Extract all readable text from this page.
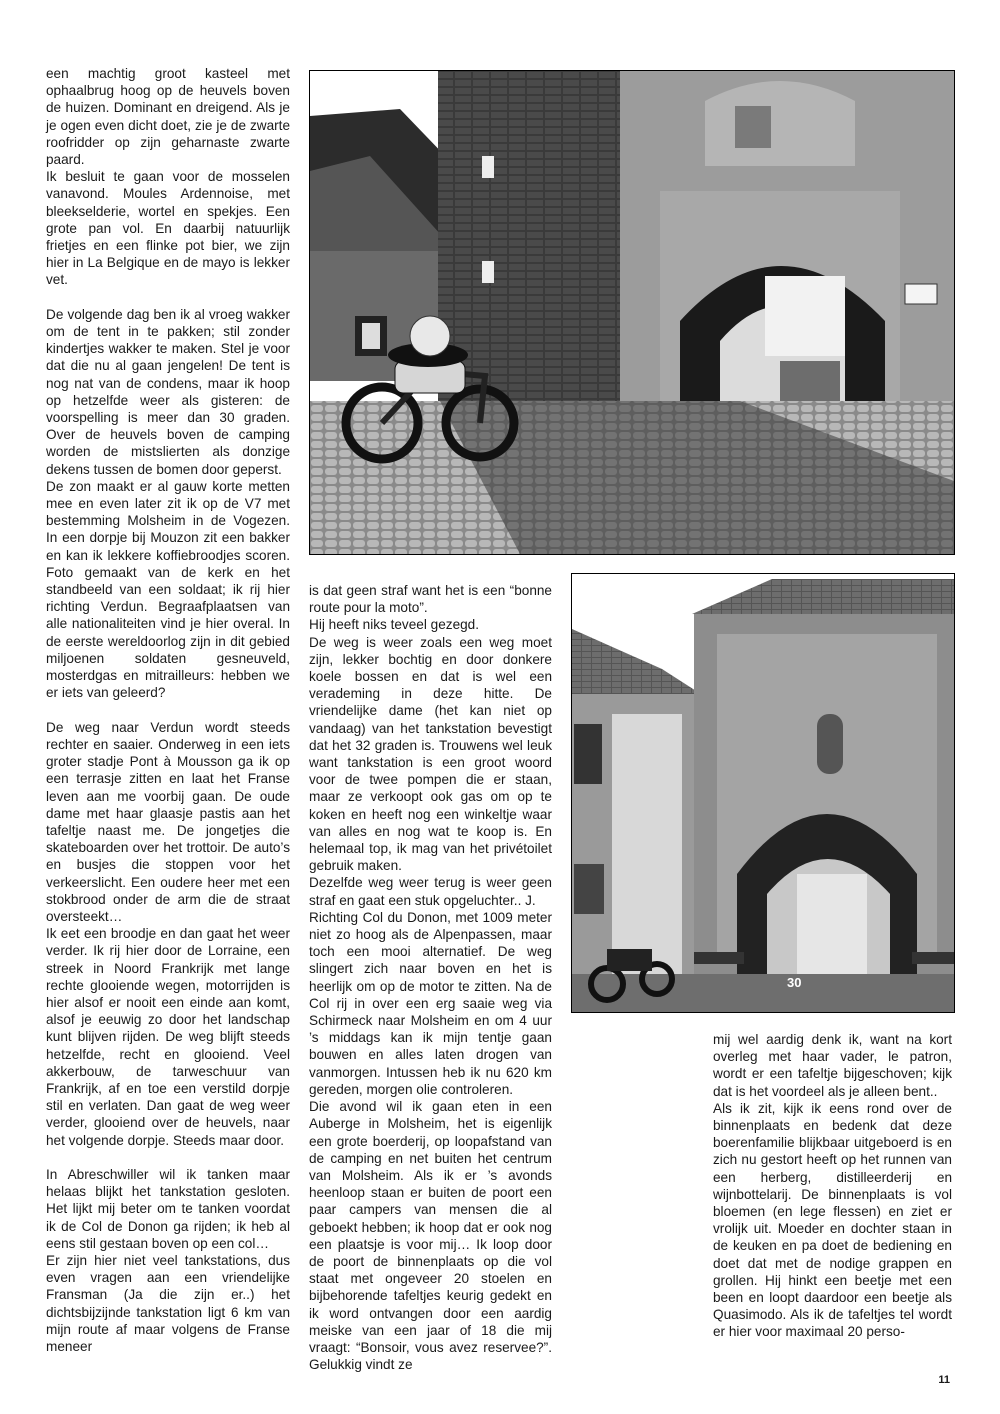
een machtig groot kasteel met ophaalbrug hoog op de heuvels boven de huizen. Dominant en dreigend. Als je je ogen even dicht doet, zie je de zwarte roofridder op zijn geharnaste zwarte paard.

Ik besluit te gaan voor de mosselen vanavond. Moules Ardennoise, met bleekselderie, wortel en spekjes. Een grote pan vol. En daarbij natuurlijk frietjes en een flinke pot bier, we zijn hier in La Belgique en de mayo is lekker vet.

De volgende dag ben ik al vroeg wakker om de tent in te pakken; stil zonder kindertjes wakker te maken. Stel je voor dat die nu al gaan jengelen! De tent is nog nat van de condens, maar ik hoop op hetzelfde weer als gisteren: de voorspelling is meer dan 30 graden. Over de heuvels boven de camping worden de mistslierten als donzige dekens tussen de bomen door geperst.

De zon maakt er al gauw korte metten mee en even later zit ik op de V7 met bestemming Molsheim in de Vogezen. In een dorpje bij Mouzon zit een bakker en kan ik lekkere koffiebroodjes scoren. Foto gemaakt van de kerk en het standbeeld van een soldaat; ik rij hier richting Verdun. Begraafplaatsen van alle nationaliteiten vind je hier overal. In de eerste wereldoorlog zijn in dit gebied miljoenen soldaten gesneuveld, mosterdgas en mitrailleurs: hebben we er iets van geleerd?

De weg naar Verdun wordt steeds rechter en saaier. Onderweg in een iets groter stadje Pont à Mousson ga ik op een terrasje zitten en laat het Franse leven aan me voorbij gaan. De oude dame met haar glaasje pastis aan het tafeltje naast me. De jongetjes die skateboarden over het trottoir. De auto’s en busjes die stoppen voor het verkeerslicht. Een oudere heer met een stokbrood onder de arm die de straat oversteekt…

Ik eet een broodje en dan gaat het weer verder. Ik rij hier door de Lorraine, een streek in Noord Frankrijk met lange rechte glooiende wegen, motorrijden is hier alsof er nooit een einde aan komt, alsof je eeuwig zo door het landschap kunt blijven rijden. De weg blijft steeds hetzelfde, recht en glooiend. Veel akkerbouw, de tarweschuur van Frankrijk, af en toe een verstild dorpje stil en verlaten. Dan gaat de weg weer verder, glooiend over de heuvels, naar het volgende dorpje. Steeds maar door.

In Abreschwiller wil ik tanken maar helaas blijkt het tankstation gesloten. Het lijkt mij beter om te tanken voordat ik de Col de Donon ga rijden; ik heb al eens stil gestaan boven op een col…

Er zijn hier niet veel tankstations, dus even vragen aan een vriendelijke Fransman (Ja die zijn er..) het dichtsbijzijnde tankstation ligt 6 km van mijn route af maar volgens de Franse meneer

is dat geen straf want het is een “bonne route pour la moto”.

Hij heeft niks teveel gezegd.

De weg is weer zoals een weg moet zijn, lekker bochtig en door donkere koele bossen en dat is wel een verademing in deze hitte. De vriendelijke dame (het kan niet op vandaag) van het tankstation bevestigt dat het 32 graden is. Trouwens wel leuk want tankstation is een groot woord voor de twee pompen die er staan, maar ze verkoopt ook gas om op te koken en heeft nog een winkeltje waar van alles en nog wat te koop is. En helemaal top, ik mag van het privétoilet gebruik maken.

Dezelfde weg weer terug is weer geen straf en gaat een stuk opgeluchter.. J.

Richting Col du Donon, met 1009 meter niet zo hoog als de Alpenpassen, maar toch een mooi alternatief. De weg slingert zich naar boven en het is heerlijk om op de motor te zitten. Na de Col rij in over een erg saaie weg via Schirmeck naar Molsheim en om 4 uur ’s middags kan ik mijn tentje gaan bouwen en alles laten drogen van vanmorgen. Intussen heb ik nu 620 km gereden, morgen olie controleren.

Die avond wil ik gaan eten in een Auberge in Molsheim, het is eigenlijk een grote boerderij, op loopafstand van de camping en net buiten het centrum van Molsheim. Als ik er ’s avonds heenloop staan er buiten de poort een paar campers van mensen die al geboekt hebben; ik hoop dat er ook nog een plaatsje is voor mij… Ik loop door de poort de binnenplaats op die vol staat met ongeveer 20 stoelen en bijbehorende tafeltjes keurig gedekt en ik word ontvangen door een aardig meiske van een jaar of 18 die mij vraagt: “Bonsoir, vous avez reservee?”. Gelukkig vindt ze

30

mij wel aardig denk ik, want na kort overleg met haar vader, le patron, wordt er een tafeltje bijgeschoven; kijk dat is het voordeel als je alleen bent..

Als ik zit, kijk ik eens rond over de binnenplaats en bedenk dat deze boerenfamilie blijkbaar uitgeboerd is en zich nu gestort heeft op het runnen van een herberg, distilleerderij en wijnbottelarij. De binnenplaats is vol bloemen (en lege flessen) en ziet er vrolijk uit. Moeder en dochter staan in de keuken en pa doet de bediening en doet dat met de nodige grappen en grollen. Hij hinkt een beetje met een been en loopt daardoor een beetje als Quasimodo. Als ik de tafeltjes tel wordt er hier voor maximaal 20 perso-

11
